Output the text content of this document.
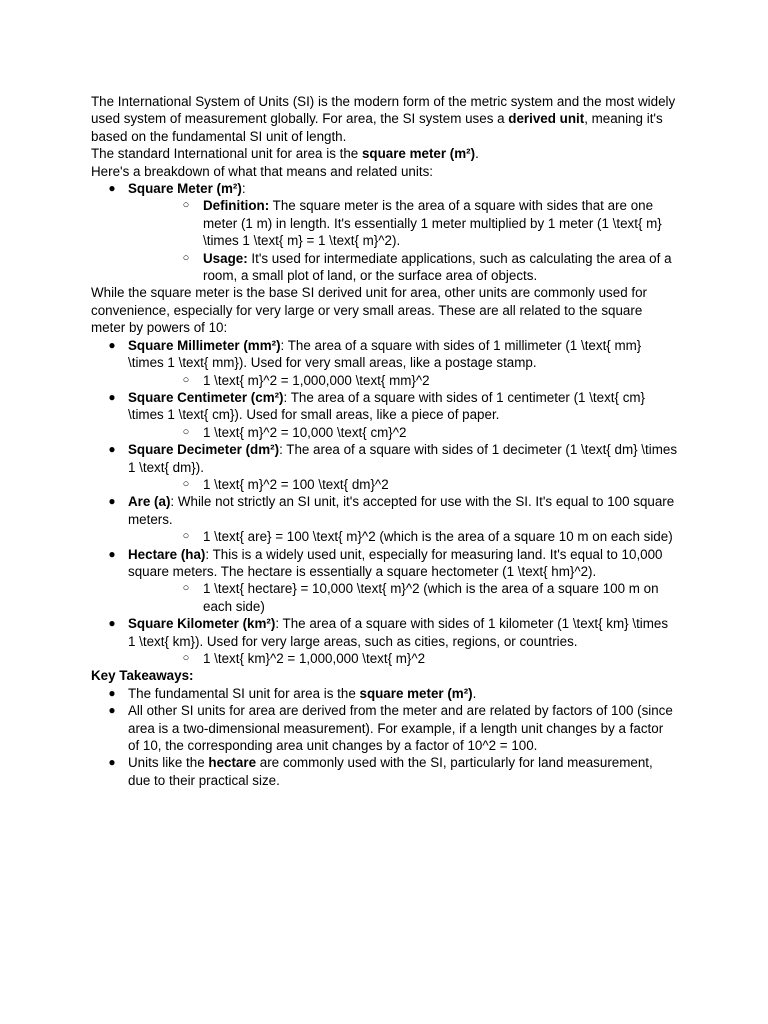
The International System of Units (SI) is the modern form of the metric system and the most widely used system of measurement globally. For area, the SI system uses a derived unit, meaning it's based on the fundamental SI unit of length.

The standard International unit for area is the square meter (m²).

Here's a breakdown of what that means and related units:

● Square Meter (m²):
○ Definition: The square meter is the area of a square with sides that are one meter (1 m) in length. It's essentially 1 meter multiplied by 1 meter (1 \text{ m} \times 1 \text{ m} = 1 \text{ m}^2).
○ Usage: It's used for intermediate applications, such as calculating the area of a room, a small plot of land, or the surface area of objects.

While the square meter is the base SI derived unit for area, other units are commonly used for convenience, especially for very large or very small areas. These are all related to the square meter by powers of 10:

● Square Millimeter (mm²): The area of a square with sides of 1 millimeter (1 \text{ mm} \times 1 \text{ mm}). Used for very small areas, like a postage stamp.
○ 1 \text{ m}^2 = 1,000,000 \text{ mm}^2
● Square Centimeter (cm²): The area of a square with sides of 1 centimeter (1 \text{ cm} \times 1 \text{ cm}). Used for small areas, like a piece of paper.
○ 1 \text{ m}^2 = 10,000 \text{ cm}^2
● Square Decimeter (dm²): The area of a square with sides of 1 decimeter (1 \text{ dm} \times 1 \text{ dm}).
○ 1 \text{ m}^2 = 100 \text{ dm}^2
● Are (a): While not strictly an SI unit, it's accepted for use with the SI. It's equal to 100 square meters.
○ 1 \text{ are} = 100 \text{ m}^2 (which is the area of a square 10 m on each side)
● Hectare (ha): This is a widely used unit, especially for measuring land. It's equal to 10,000 square meters. The hectare is essentially a square hectometer (1 \text{ hm}^2).
○ 1 \text{ hectare} = 10,000 \text{ m}^2 (which is the area of a square 100 m on each side)
● Square Kilometer (km²): The area of a square with sides of 1 kilometer (1 \text{ km} \times 1 \text{ km}). Used for very large areas, such as cities, regions, or countries.
○ 1 \text{ km}^2 = 1,000,000 \text{ m}^2

Key Takeaways:

● The fundamental SI unit for area is the square meter (m²).
● All other SI units for area are derived from the meter and are related by factors of 100 (since area is a two-dimensional measurement). For example, if a length unit changes by a factor of 10, the corresponding area unit changes by a factor of 10^2 = 100.
● Units like the hectare are commonly used with the SI, particularly for land measurement, due to their practical size.
